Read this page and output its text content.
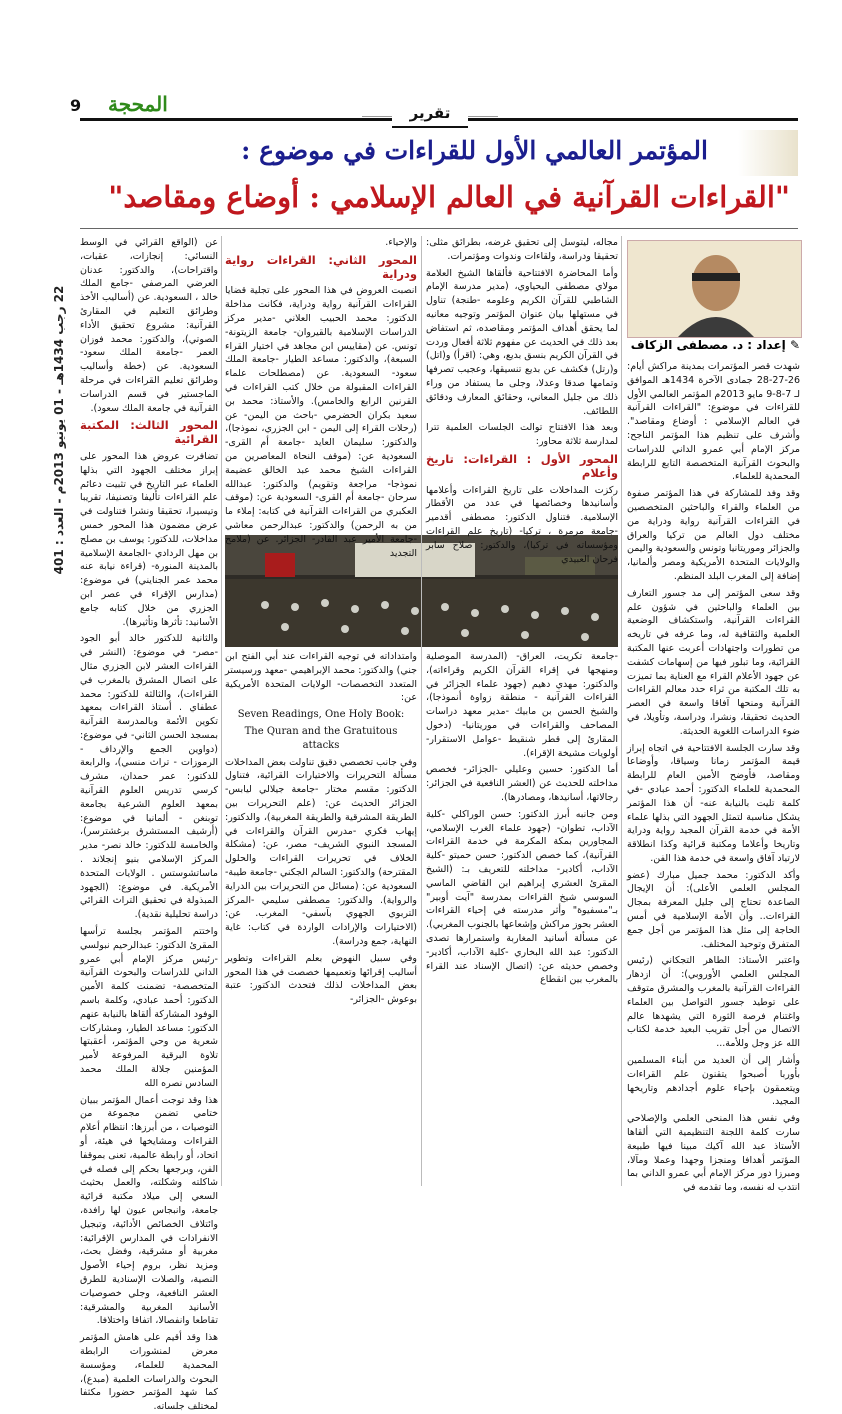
9 المحجة	تقرير
22 رجب 1434هـ - 01 يونيو 2013م - العدد : 401
المؤتمر العالمي الأول للقراءات في موضوع :
"القراءات القرآنية في العالم الإسلامي : أوضاع ومقاصد"
✎ إعداد : د. مصطفى الزكاف

شهدت قصر المؤتمرات بمدينة مراكش أيام: 26-27-28 جمادى الآخرة 1434هـ الموافق لـ 7-8-9 مايو 2013م المؤتمر العالمي الأول للقراءات في موضوع: "القراءات القرآنية في العالم الإسلامي : أوضاع ومقاصد". وأشرف على تنظيم هذا المؤتمر الناجح: مركز الإمام أبي عمرو الداني للدراسات والبحوث القرآنية المتخصصة التابع للرابطة المحمدية للعلماء.

وقد وفد للمشاركة في هذا المؤتمر صفوة من العلماء والقراء والباحثين المتخصصين في القراءات القرآنية رواية ودراية من مختلف دول العالم من تركيا والعراق والجزائر وموريتانيا وتونس والسعودية واليمن والولايات المتحدة الأمريكية ومصر وألمانيا، إضافة إلى المغرب البلد المنظم.

وقد سعى المؤتمر إلى مد جسور التعارف بين العلماء والباحثين في شؤون علم القراءات القرآنية، واستكشاف الوضعية العلمية والثقافية له، وما عرفه في تاريخه من تطورات واجتهادات أعربت عنها المكتبة القرائية، وما تبلور فيها من إسهامات كشفت عن جهود الأعلام القراء مع العناية بما تميزت به تلك المكتبة من ثراء حدد معالم القراءات القرآنية ومنحها آفاقا واسعة في العصر الحديث تحقيقا، ونشرا، ودراسة، وتأويلا، في ضوء الدراسات اللغوية الحديثة.

وقد سارت الجلسة الافتتاحية في اتجاه إبراز قيمة المؤتمر زمانا وسياقا، وأوضاعا ومقاصد، فأوضح الأمين العام للرابطة المحمدية للعلماء الدكتور: أحمد عبادي -في كلمة تليت بالنيابة عنه- أن هذا المؤتمر يشكل مناسبة لتمثل الجهود التي بذلها علماء الأمة في خدمة القرآن المجيد رواية ودراية وتاريخا وأعلاما ومكتبة قرائية وكذا انطلاقة لارتياد آفاق واسعة في خدمة هذا الفن.

وأكد الدكتور: محمد جميل مبارك (عضو المجلس العلمي الأعلى): أن الإيجال الصاعدة تحتاج إلى جليل المعرفة بمجال القراءات.. وأن الأمة الإسلامية في أمس الحاجة إلى مثل هذا المؤتمر من أجل جمع المتفرق وتوحيد المختلف.

واعتبر الأستاذ: الطاهر التجكاني (رئيس المجلس العلمي الأوروبي): أن ازدهار القراءات القرآنية بالمغرب والمشرق متوقف على توطيد جسور التواصل بين العلماء واغتنام فرصة الثورة التي يشهدها عالم الاتصال من أجل تقريب البعيد خدمة لكتاب الله عز وجل وللأمة...

وأشار إلى أن العديد من أبناء المسلمين بأوربا أصبحوا يتقنون علم القراءات ويتعمقون بإحياء علوم أجدادهم وتاريخها المجيد.

وفي نفس هذا المنحى العلمي والإصلاحي سارت كلمة اللجنة التنظيمية التي ألقاها الأستاذ عبد الله آكيك مبينا فيها طبيعة المؤتمر أهدافا ومنجزا وجهدا وعملا ومآلا، ومبرزا دور مركز الإمام أبي عمرو الداني بما انتدب له نفسه، وما تقدمه في

مجاله، ليتوسل إلى تحقيق غرضه، بطرائق مثلى: تحقيقا ودراسة، ولقاءات وندوات ومؤتمرات.

وأما المحاضرة الافتتاحية فألقاها الشيخ العلامة مولاي مصطفى البحياوي، (مدير مدرسة الإمام الشاطبي للقرآن الكريم وعلومه -طنجة) تناول في مستهلها بيان عنوان المؤتمر وتوجيه معانيه لما يحقق أهداف المؤتمر ومقاصده، ثم استفاض بعد ذلك في الحديث عن مفهوم ثلاثة أفعال وردت في القرآن الكريم بنسق بديع، وهي: (اقرأ) و(اتل) و(رتل) فكشف عن بديع تنسيقها، وعجيب تصرفها وتمامها صدقا وعدلا، وجلى ما يستفاد من وراء ذلك من جليل المعاني، وحقائق المعارف ودقائق اللطائف.

وبعد هذا الافتتاح توالت الجلسات العلمية تترا لمدارسة ثلاثة محاور:

المحور الأول : القراءات: تاريخ وأعلام

ركزت المداخلات على تاريخ القراءات وأعلامها وأسانيدها وخصائصها في عدد من الأقطار الإسلامية. فتناول الدكتور: مصطفى أقدمير -جامعة مرمرة ، تركيا- (تاريخ علم القراءات ومؤسساته في تركيا)، والدكتور: صلاح سابر فرحان العبيدي

والإحياء.

المحور الثاني: القراءات رواية ودراية

انصبت العروض في هذا المحور على تجلية قضايا القراءات القرآنية رواية ودراية، فكانت مداخلة الدكتور: محمد الحبيب العلاني -مدير مركز الدراسات الإسلامية بالقيروان- جامعة الزيتونة- تونس. عن (مقاييس ابن مجاهد في اختيار القراء السبعة)، والدكتور: مساعد الطيار -جامعة الملك سعود- السعودية. عن (مصطلحات علماء القراءات المقبولة من خلال كتب القراءات في القرنين الرابع والخامس). والأستاذ: محمد بن سعيد بكران الحضرمي -باحث من اليمن- عن (رحلات القراء إلى اليمن - ابن الجزري، نموذجا)، والدكتور: سليمان العايد -جامعة أم القرى- السعودية عن: (موقف النحاة المعاصرين من القراءات الشيخ محمد عبد الخالق عضيمة نموذجا- مراجعة وتقويم) والدكتور: عبدالله سرحان -جامعة أم القرى- السعودية عن: (موقف العكبري من القراءات القرآنية في كتابه: إملاء ما من به الرحمن) والدكتور: عبدالرحمن معاشي -جامعة الأمير عبد القادر- الجزائر. عن (ملامح التجديد

-جامعة تكريت، العراق- (المدرسة الموصلية ومنهجها في إقراء القرآن الكريم وقراءاته)، والدكتور: مهدي دهيم (جهود علماء الجزائر في القراءات القرآنية - منطقة زواوة أنموذجا)، والشيخ الحسن بن مابيك -مدير معهد دراسات المصاحف والقراءات في موريتانيا- (دخول المقارئ إلى قطر شنقيط -عوامل الاستقرار- أولويات مشيخة الإقراء).

أما الدكتور: حسين وعليلي -الجزائر- فخصص مداخلته للحديث عن (العشر النافعية في الجزائر: رجالاتها، أسانيدها، ومصادرها).

ومن جانبه أبرز الدكتور: حسن الوراكلي -كلية الآداب، تطوان- (جهود علماء الغرب الإسلامي، المجاورين بمكة المكرمة في خدمة القراءات القرآنية)، كما خصص الدكتور: حسن حميتو -كلية الآداب، أكادير- مداخلته للتعريف بـ: (الشيخ المقرئ العشري إبراهيم ابن القاضي الماسي السوسي شيخ القراءات بمدرسة "آيت أوبير" بـ"مسفيوة" وأثر مدرسته في إحياء القراءات العشر بحوز مراكش وإشعاعها بالجنوب المغربي). عن مسألة أسانيد المغاربة واستمرارها تصدى الدكتور: عبد الله البخاري -كلية الآداب، أكادير- وخصص حديثه عن: (اتصال الإسناد عند القراء بالمغرب بين انقطاع

وامتداداته في توجيه القراءات عند أبي الفتح ابن جني) والدكتور: محمد الإبراهيمي -معهد ورسيستر المتعدد التخصصات- الولايات المتحدة الأمريكية عن:

Seven Readings, One Holy Book:

The Quran and the Gratuitous attacks

وفي جانب تخصصي دقيق تناولت بعض المداخلات مسألة التحريرات والاختيارات القرائية، فتناول الدكتور: مقسم مختار -جامعة جيلالي ليابس- الجزائر الحديث عن: (علم التحريرات بين الطريقة المشرقية والطريقة المغربية)، والدكتور: إيهاب فكري -مدرس القرآن والقراءات في المسجد النبوي الشريف- مصر، عن: (مشكلة الخلاف في تحريرات القراءات والحلول المقترحة) والدكتور: السالم الجكني -جامعة طيبة- السعودية عن: (مسائل من التحريرات بين الدراية والرواية). والدكتور: مصطفى سليمي -المركز التربوي الجهوي بآسفي- المغرب. عن: (الاختيارات والإرادات الواردة في كتاب: غاية النهاية، جمع ودراسة).

وفي سبيل النهوض بعلم القراءات وتطوير أساليب إقرائها وتعميمها خصصت في هذا المحور بعض المداخلات لذلك فتحدث الدكتور: عتبة بوعوش -الجزائر-

عن (الواقع القرائي في الوسط النسائي: إنجازات، عقبات، واقتراحات)، والدكتور: عدنان العرضي المرصفي -جامع الملك خالد ، السعودية. عن (أساليب الأخذ وطرائق التعليم في المقارئ القرآنية: مشروع تحقيق الأداء الصوتي)، والدكتور: محمد فوزان العمر -جامعة الملك سعود- السعودية. عن (خطة وأساليب وطرائق تعليم القراءات في مرحلة الماجستير في قسم الدراسات القرآنية في جامعة الملك سعود).

المحور الثالث: المكتبة القرائية

تضافرت عروض هذا المحور على إبراز مختلف الجهود التي بذلها العلماء عبر التاريخ في تثبيت دعائم علم القراءات تأليفا وتصنيفا، تقريبا وتيسيرا، تحقيقا ونشرا فتناولت في عرض مضمون هذا المحور خمس مداخلات، للدكتور: يوسف بن مصلح بن مهل الردادي -الجامعة الإسلامية بالمدينة المنورة- (قراءة نيابة عنه محمد عمر الجنايني) في موضوع: (مدارس الإقراء في عصر ابن الجزري من خلال كتابه جامع الأسانيد: تأثرها وتأثيرها).

والثانية للدكتور خالد أبو الجود -مصر- في موضوع: (النشر في القراءات العشر لابن الجزري مثال على اتصال المشرق بالمغرب في القراءات)، والثالثة للدكتور: محمد عطفاي . أستاذ القراءات بمعهد تكوين الأئمة وبالمدرسة القرآنية بمسجد الحسن الثاني- في موضوع: (دواوين الجمع والإرداف - الرموزات - تراث منسي)، والرابعة للدكتور: عمر حمدان، مشرف كرسي تدريس العلوم القرآنية بمعهد العلوم الشرعية بجامعة توبنغن - ألمانيا في موضوع: (أرشيف المستشرق برغشترسر)، والخامسة للدكتور: خالد نصر- مدير المركز الإسلامي بنيو إنجلاند . ماساتشوستس . الولايات المتحدة الأمريكية. في موضوع: (الجهود المبذولة في تحقيق التراث القرائي دراسة تحليلية نقدية).

واختتم المؤتمر بجلسة ترأسها المقرئ الدكتور: عبدالرحيم نبولسي -رئيس مركز الإمام أبي عمرو الداني للدراسات والبحوث القرآنية المتخصصة- تضمنت كلمة الأمين الدكتور: أحمد عبادي، وكلمة باسم الوفود المشاركة ألقاها بالنيابة عنهم الدكتور: مساعد الطيار، ومشاركات شعرية من وحي المؤتمر، أعقبتها تلاوة البرقية المرفوعة لأمير المؤمنين جلالة الملك محمد السادس نصره الله

هذا وقد توجت أعمال المؤتمر ببيان ختامي تضمن مجموعة من التوصيات ، من أبرزها: انتظام أعلام القراءات ومشايخها في هيئة، أو اتحاد، أو رابطة عالمية، تعنى بموقفا الفن، وبرجعها بحكم إلى فصله في شاكلته وشكلته، والعمل بحثيث السعي إلى ميلاد مكتبة قرائية جامعة، وانبجاس عيون لها رافدة، وائتلاف الخصائص الأدائية، وتبجيل الانفرادات في المدارس الإقرائية: مغربية أو مشرقية، وفضل بحث، ومزيد نظر، بروم إحياء الأصول النصية، والصلات الإسنادية للطرق العشر النافعية، وجلي خصوصيات الأسانيد المغربية والمشرقية: تقاطعا وانفصالا، اتفاقا واختلافا.

هذا وقد أقيم على هامش المؤتمر معرض لمنشورات الرابطة المحمدية للعلماء، ومؤسسة البحوث والدراسات العلمية (مبدع)، كما شهد المؤتمر حضورا مكثفا لمختلف جلساته.
